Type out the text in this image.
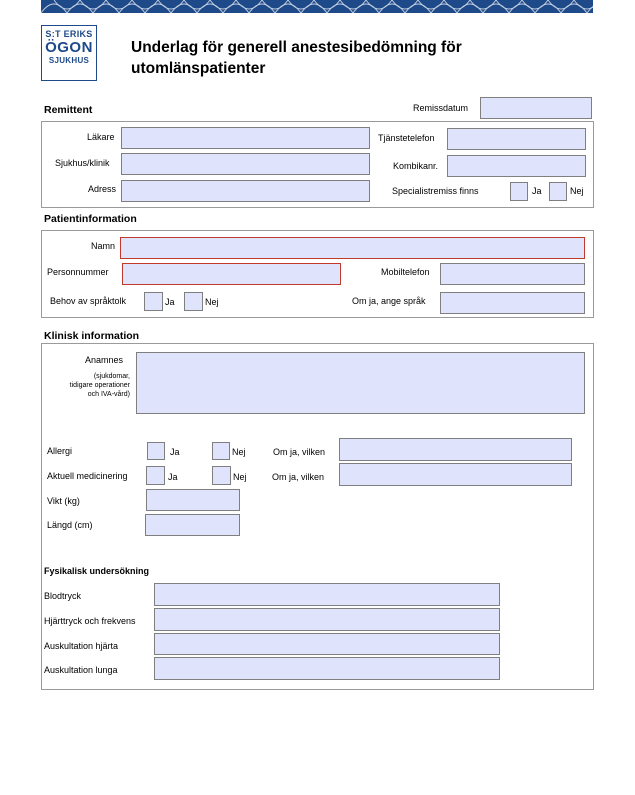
S:T ERIKS
ÖGON
SJUKHUS
Underlag för generell anestesibedömning för utomlänspatienter
Remittent	Remissdatum
Läkare	Tjänstetelefon
Sjukhus/klinik	Kombikanr.
Adress	Specialistremiss finns	Ja	Nej
Patientinformation
Namn
Personnummer	Mobiltelefon
Behov av språktolk	Ja	Nej	Om ja, ange språk
Klinisk information
Anamnes
(sjukdomar,
tidigare operationer
och IVA-vård)
Allergi	Ja	Nej	Om ja, vilken
Aktuell medicinering	Ja	Nej	Om ja, vilken
Vikt (kg)
Längd (cm)
Fysikalisk undersökning
Blodtryck
Hjärttryck och frekvens
Auskultation hjärta
Auskultation lunga
